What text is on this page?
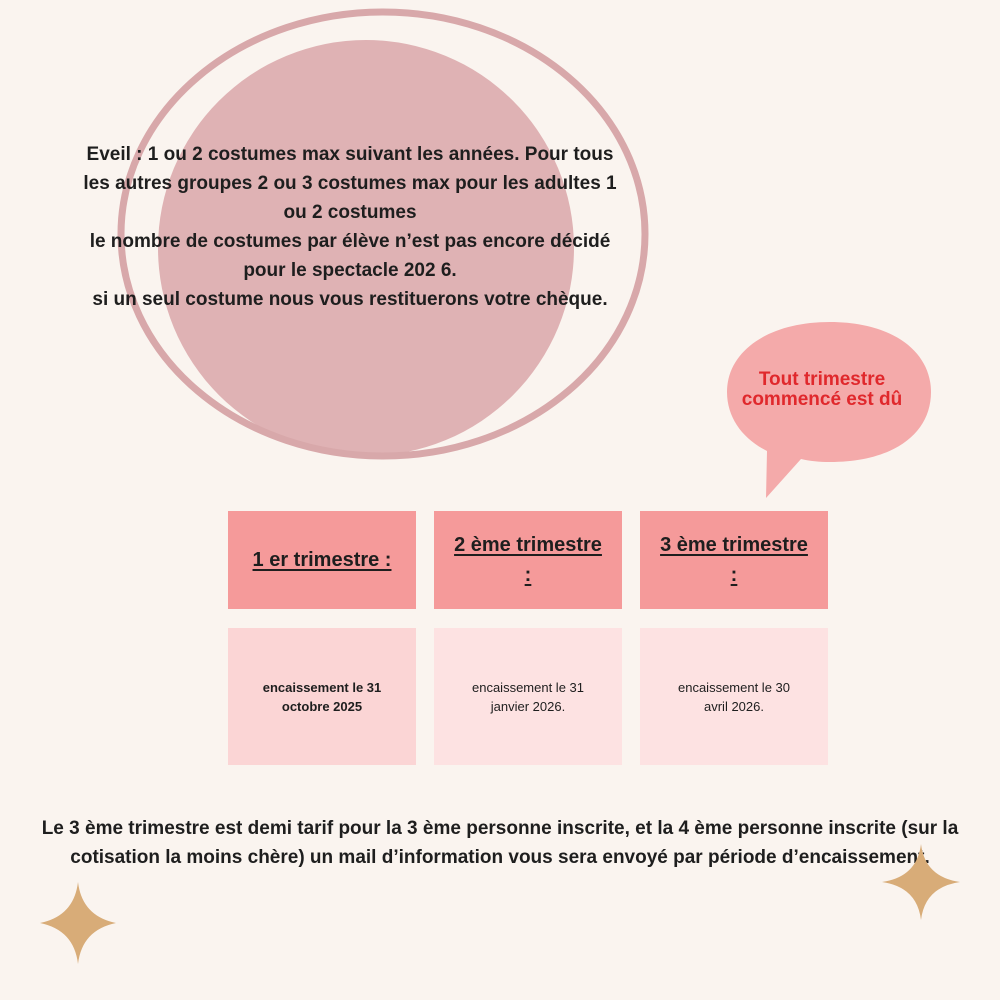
Eveil : 1 ou 2 costumes max suivant les années. Pour tous

les autres groupes 2 ou 3 costumes max pour les adultes 1

ou 2 costumes

le nombre de costumes par élève n’est pas encore décidé

pour le spectacle 202 6.

si un seul costume nous vous restituerons votre chèque.

Tout trimestre
commencé est dû
1 er trimestre :
2 ème trimestre :
3 ème trimestre :
encaissement le 31 octobre 2025
encaissement le 31 janvier 2026.
encaissement le 30 avril 2026.
Le 3 ème trimestre est demi tarif pour la 3 ème personne inscrite, et la 4 ème personne inscrite (sur la cotisation la moins chère) un mail d’information vous sera envoyé par période d’encaissement.
